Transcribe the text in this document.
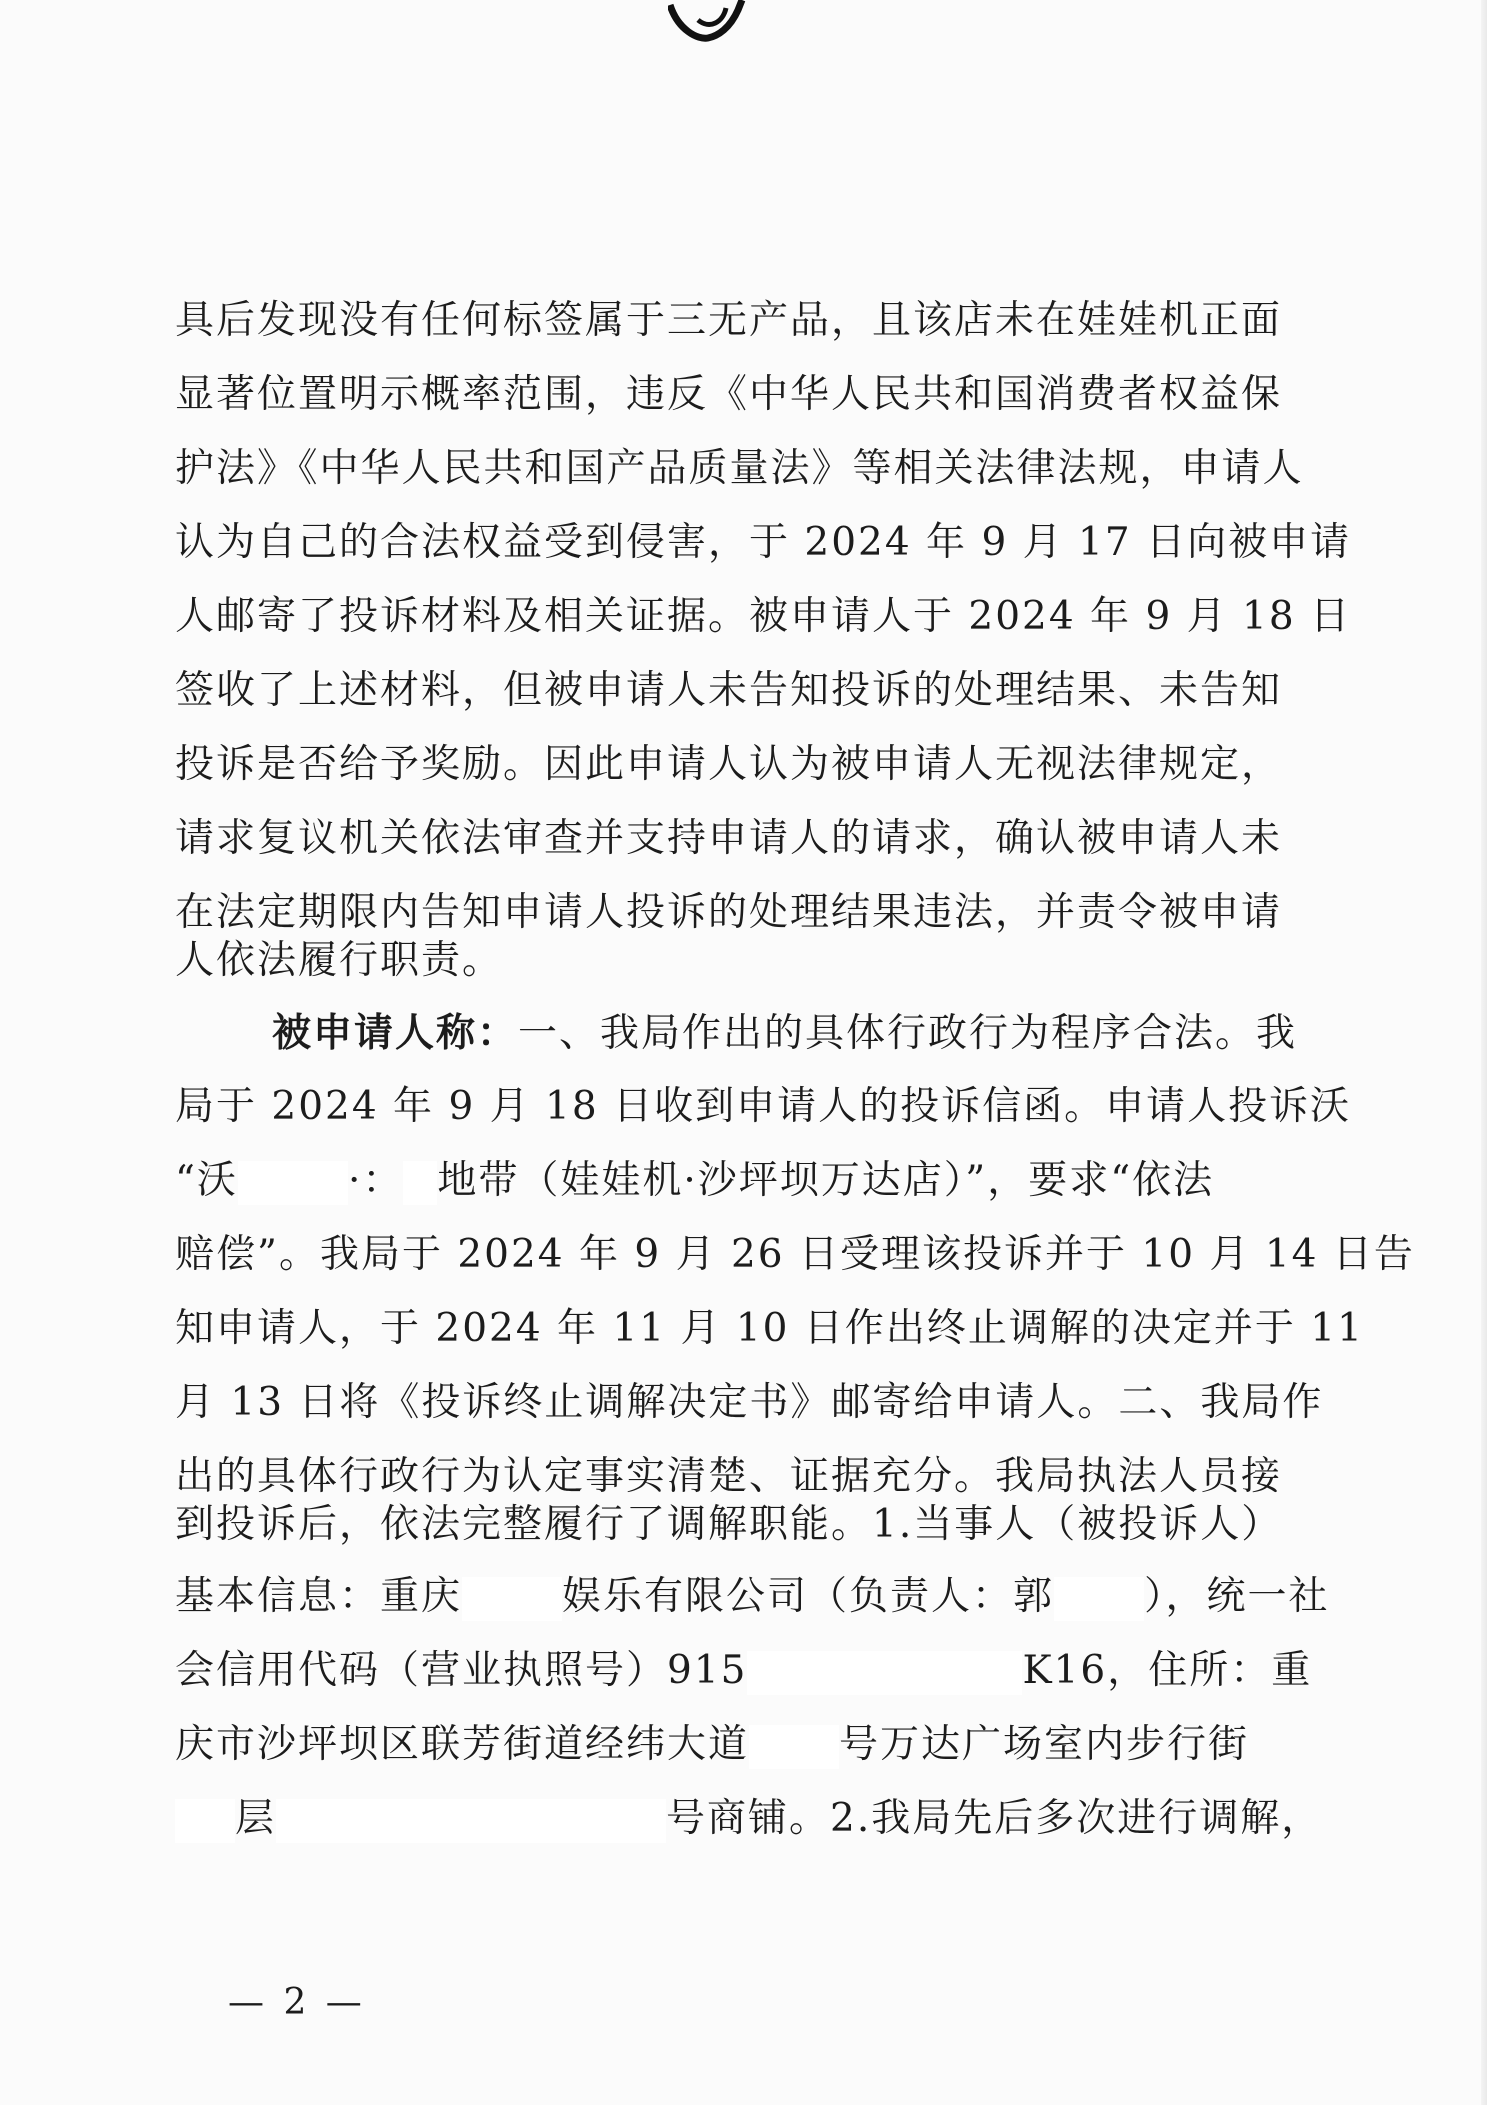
具后发现没有任何标签属于三无产品，且该店未在娃娃机正面
显著位置明示概率范围，违反《中华人民共和国消费者权益保
护法》《中华人民共和国产品质量法》等相关法律法规，申请人
认为自己的合法权益受到侵害，于 2024 年 9 月 17 日向被申请
人邮寄了投诉材料及相关证据。被申请人于 2024 年 9 月 18 日
签收了上述材料，但被申请人未告知投诉的处理结果、未告知
投诉是否给予奖励。因此申请人认为被申请人无视法律规定，
请求复议机关依法审查并支持申请人的请求，确认被申请人未
在法定期限内告知申请人投诉的处理结果违法，并责令被申请
人依法履行职责。
被申请人称：一、我局作出的具体行政行为程序合法。我
局于 2024 年 9 月 18 日收到申请人的投诉信函。申请人投诉沃
“沃	·： 地带（娃娃机·沙坪坝万达店）”，要求“依法
赔偿”。我局于 2024 年 9 月 26 日受理该投诉并于 10 月 14 日告
知申请人，于 2024 年 11 月 10 日作出终止调解的决定并于 11
月 13 日将《投诉终止调解决定书》邮寄给申请人。二、我局作
出的具体行政行为认定事实清楚、证据充分。我局执法人员接
到投诉后，依法完整履行了调解职能。1.当事人（被投诉人）
基本信息：重庆	娱乐有限公司（负责人：郭 ），统一社
会信用代码（营业执照号）915	K16，住所：重
庆市沙坪坝区联芳街道经纬大道 号万达广场室内步行街
层	号商铺。2.我局先后多次进行调解，
— 2 —
